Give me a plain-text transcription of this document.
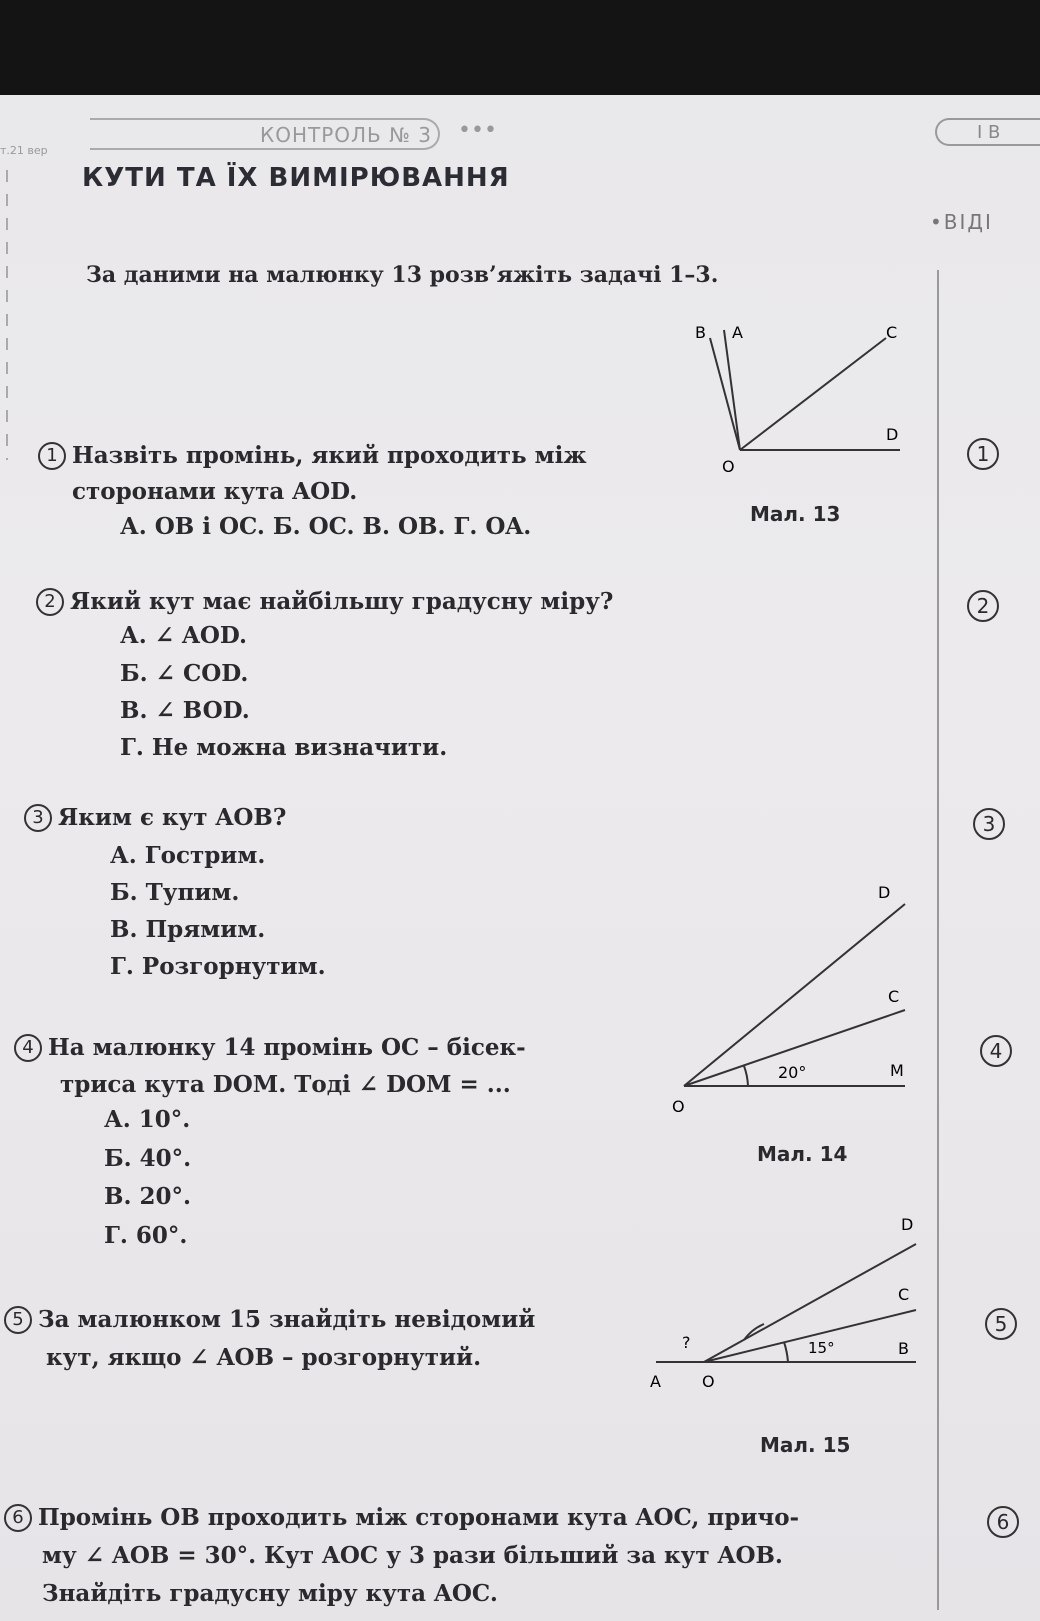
т.21 вер
КОНТРОЛЬ № 3	•••	І В
•ВІДІ
КУТИ ТА ЇХ ВИМІРЮВАННЯ
За даними на малюнку 13 розв’яжіть задачі 1–3.
1 Назвіть промінь, який проходить між
сторонами кута AOD.
А. OB і OC. Б. OC. В. OB. Г. OA.
2 Який кут має найбільшу градусну міру?
А. ∠ AOD.
Б. ∠ COD.
В. ∠ BOD.
Г. Не можна визначити.
3 Яким є кут AOB?
А. Гострим.
Б. Тупим.
В. Прямим.
Г. Розгорнутим.
4 На малюнку 14 промінь OC – бісек-
триса кута DOM. Тоді ∠ DOM = ...
А. 10°.
Б. 40°.
В. 20°.
Г. 60°.
5 За малюнком 15 знайдіть невідомий
кут, якщо ∠ AOB – розгорнутий.
6 Промінь OB проходить між сторонами кута AOC, причо-
му ∠ AOB = 30°. Кут AOC у 3 рази більший за кут AOB.
Знайдіть градусну міру кута AOC.
1
2
3
4
5
6
B A	C
D
O
Мал. 13
D
C
M
O
20°
Мал. 14
D
C
B
A	O
?	15°
Мал. 15
